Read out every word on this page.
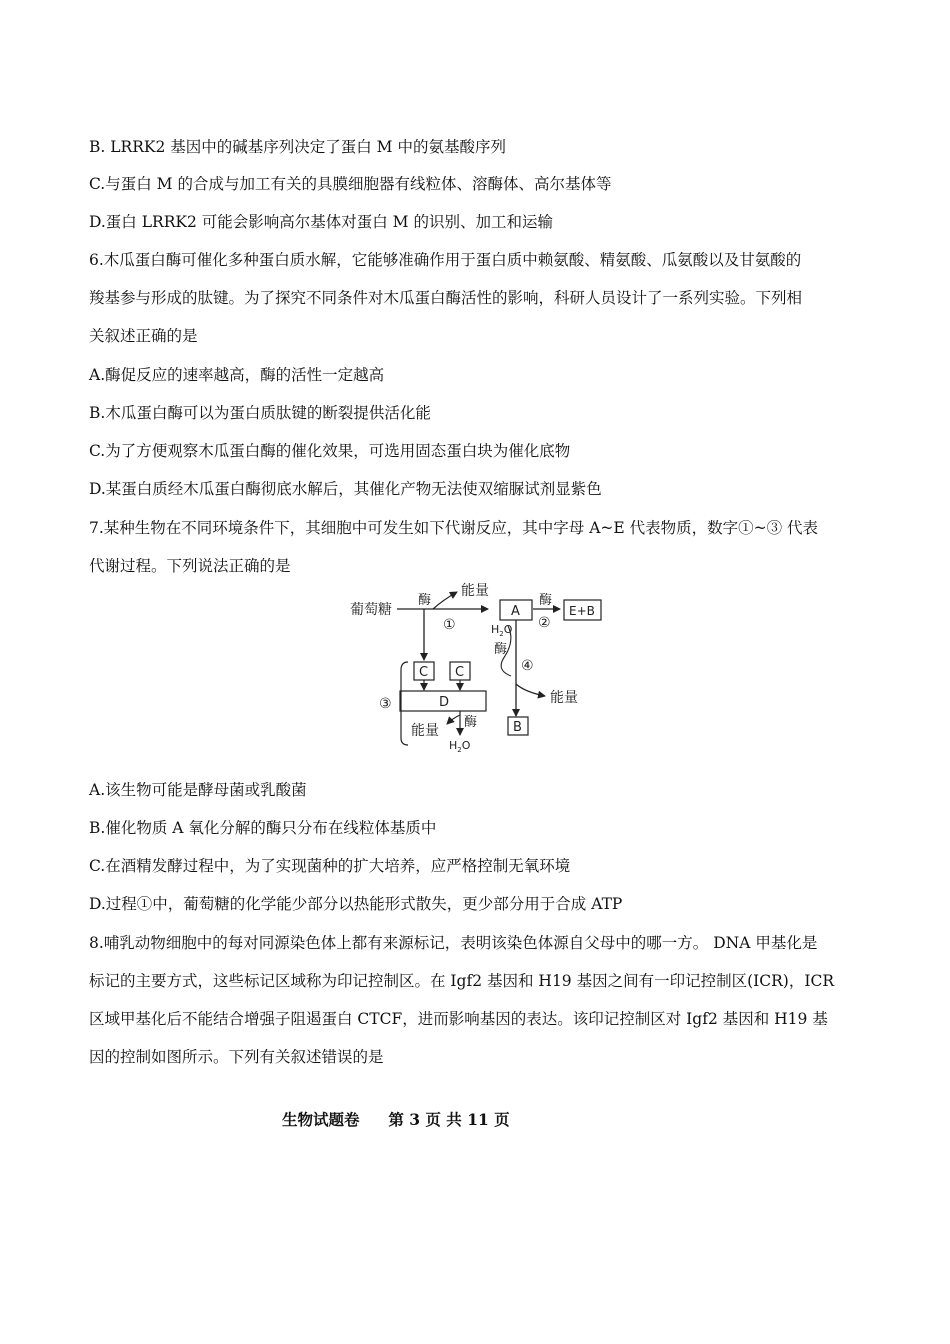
B. LRRK2 基因中的碱基序列决定了蛋白 M 中的氨基酸序列
C.与蛋白 M 的合成与加工有关的具膜细胞器有线粒体、溶酶体、高尔基体等
D.蛋白 LRRK2 可能会影响高尔基体对蛋白 M 的识别、加工和运输
6.木瓜蛋白酶可催化多种蛋白质水解，它能够准确作用于蛋白质中赖氨酸、精氨酸、瓜氨酸以及甘氨酸的
羧基参与形成的肽键。为了探究不同条件对木瓜蛋白酶活性的影响，科研人员设计了一系列实验。下列相
关叙述正确的是
A.酶促反应的速率越高，酶的活性一定越高
B.木瓜蛋白酶可以为蛋白质肽键的断裂提供活化能
C.为了方便观察木瓜蛋白酶的催化效果，可选用固态蛋白块为催化底物
D.某蛋白质经木瓜蛋白酶彻底水解后，其催化产物无法使双缩脲试剂显紫色
7.某种生物在不同环境条件下，其细胞中可发生如下代谢反应，其中字母 A~E 代表物质，数字①~③ 代表
代谢过程。下列说法正确的是
A.该生物可能是酵母菌或乳酸菌
B.催化物质 A 氧化分解的酶只分布在线粒体基质中
C.在酒精发酵过程中，为了实现菌种的扩大培养，应严格控制无氧环境
D.过程①中，葡萄糖的化学能少部分以热能形式散失，更少部分用于合成 ATP
8.哺乳动物细胞中的每对同源染色体上都有来源标记，表明该染色体源自父母中的哪一方。 DNA 甲基化是
标记的主要方式，这些标记区域称为印记控制区。在 Igf2 基因和 H19 基因之间有一印记控制区(ICR)，ICR
区域甲基化后不能结合增强子阻遏蛋白 CTCF，进而影响基因的表达。该印记控制区对 Igf2 基因和 H19 基
因的控制如图所示。下列有关叙述错误的是
葡萄糖
酶
能量
①
A
酶
②
E+B
$H_2O$
酶
④
能量
B
C C
D
酶
能量
$H_2O$
③
生物试题卷 第 3 页 共 11 页
